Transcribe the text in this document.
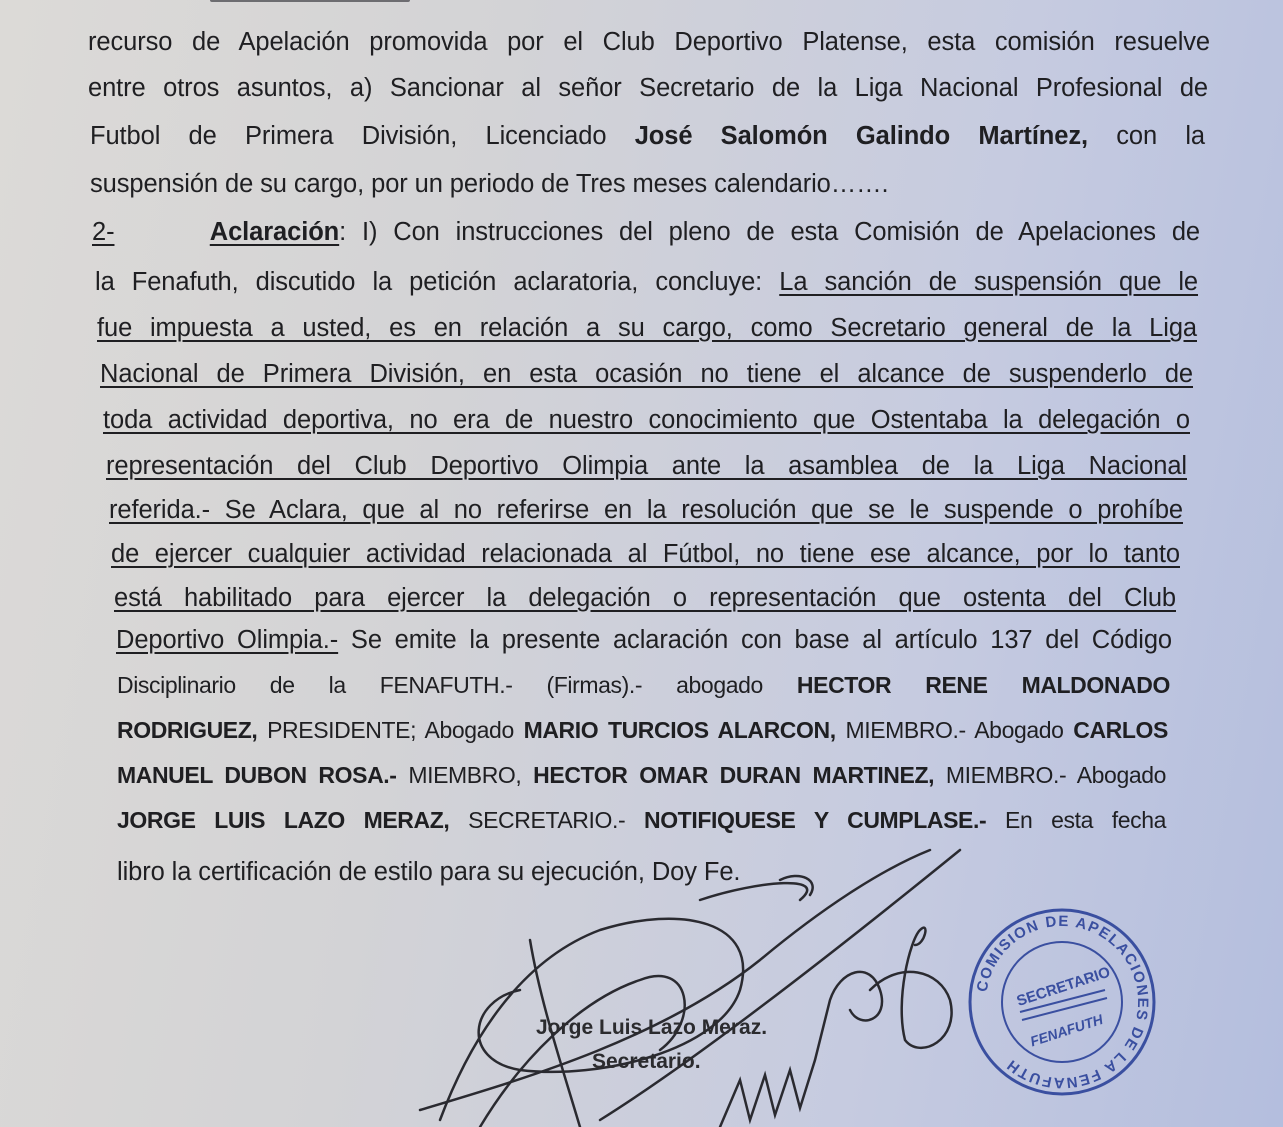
recurso de Apelación promovida por el Club Deportivo Platense, esta comisión resuelve
entre otros asuntos, a) Sancionar al señor Secretario de la Liga Nacional Profesional de
Futbol de Primera División, Licenciado José Salomón Galindo Martínez, con la
suspensión de su cargo, por un periodo de Tres meses calendario…….
2-	Aclaración: I) Con instrucciones del pleno de esta Comisión de Apelaciones de
la Fenafuth, discutido la petición aclaratoria, concluye: La sanción de suspensión que le
fue impuesta a usted, es en relación a su cargo, como Secretario general de la Liga
Nacional de Primera División, en esta ocasión no tiene el alcance de suspenderlo de
toda actividad deportiva, no era de nuestro conocimiento que Ostentaba la delegación o
representación del Club Deportivo Olimpia ante la asamblea de la Liga Nacional
referida.- Se Aclara, que al no referirse en la resolución que se le suspende o prohíbe
de ejercer cualquier actividad relacionada al Fútbol, no tiene ese alcance, por lo tanto
está habilitado para ejercer la delegación o representación que ostenta del Club
Deportivo Olimpia.- Se emite la presente aclaración con base al artículo 137 del Código
Disciplinario de la FENAFUTH.- (Firmas).- abogado HECTOR RENE MALDONADO
RODRIGUEZ, PRESIDENTE; Abogado MARIO TURCIOS ALARCON, MIEMBRO.- Abogado CARLOS
MANUEL DUBON ROSA.- MIEMBRO, HECTOR OMAR DURAN MARTINEZ, MIEMBRO.- Abogado
JORGE LUIS LAZO MERAZ, SECRETARIO.- NOTIFIQUESE Y CUMPLASE.- En esta fecha
libro la certificación de estilo para su ejecución, Doy Fe.
COMISION DE APELACIONES DE LA FENAFUTH
SECRETARIO
FENAFUTH
Jorge Luis Lazo Meraz.
Secretario.
